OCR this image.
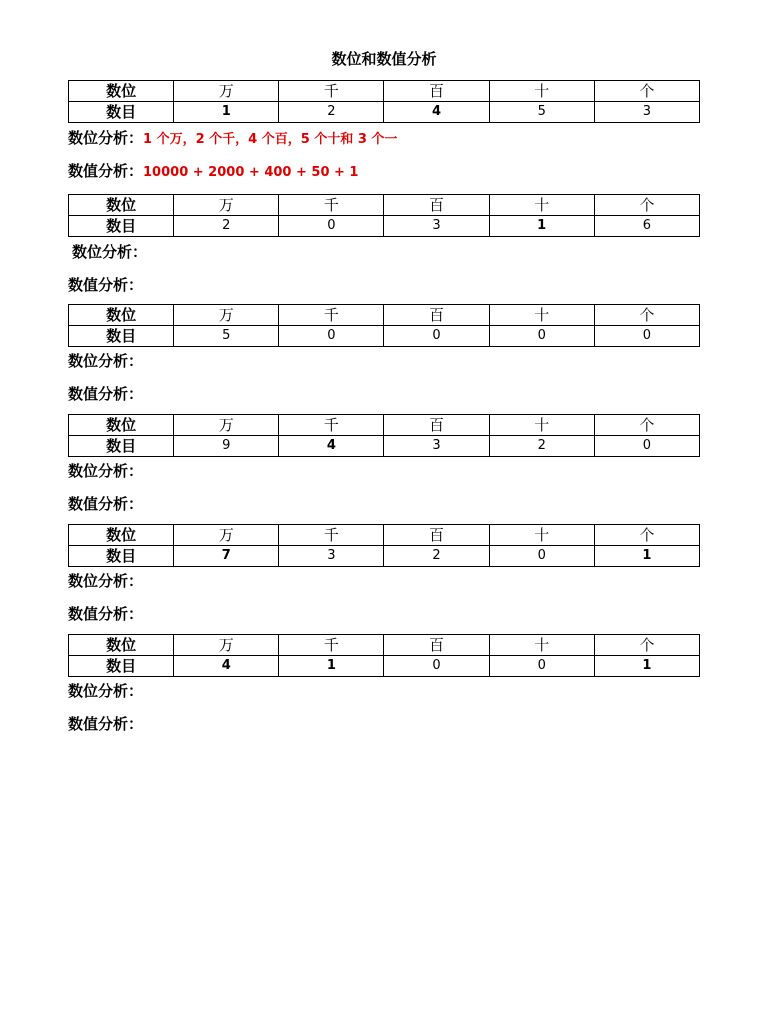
数位和数值分析
数位	万	千	百	十	个
数目	1	2	4	5	3
数位分析：1 个万，2 个千，4 个百，5 个十和 3 个一
数值分析：10000 + 2000 + 400 + 50 + 1
数位	万	千	百	十	个
数目	2	0	3	1	6
数位分析：
数值分析：
数位	万	千	百	十	个
数目	5	0	0	0	0
数位分析：
数值分析：
数位	万	千	百	十	个
数目	9	4	3	2	0
数位分析：
数值分析：
数位	万	千	百	十	个
数目	7	3	2	0	1
数位分析：
数值分析：
数位	万	千	百	十	个
数目	4	1	0	0	1
数位分析：
数值分析：
